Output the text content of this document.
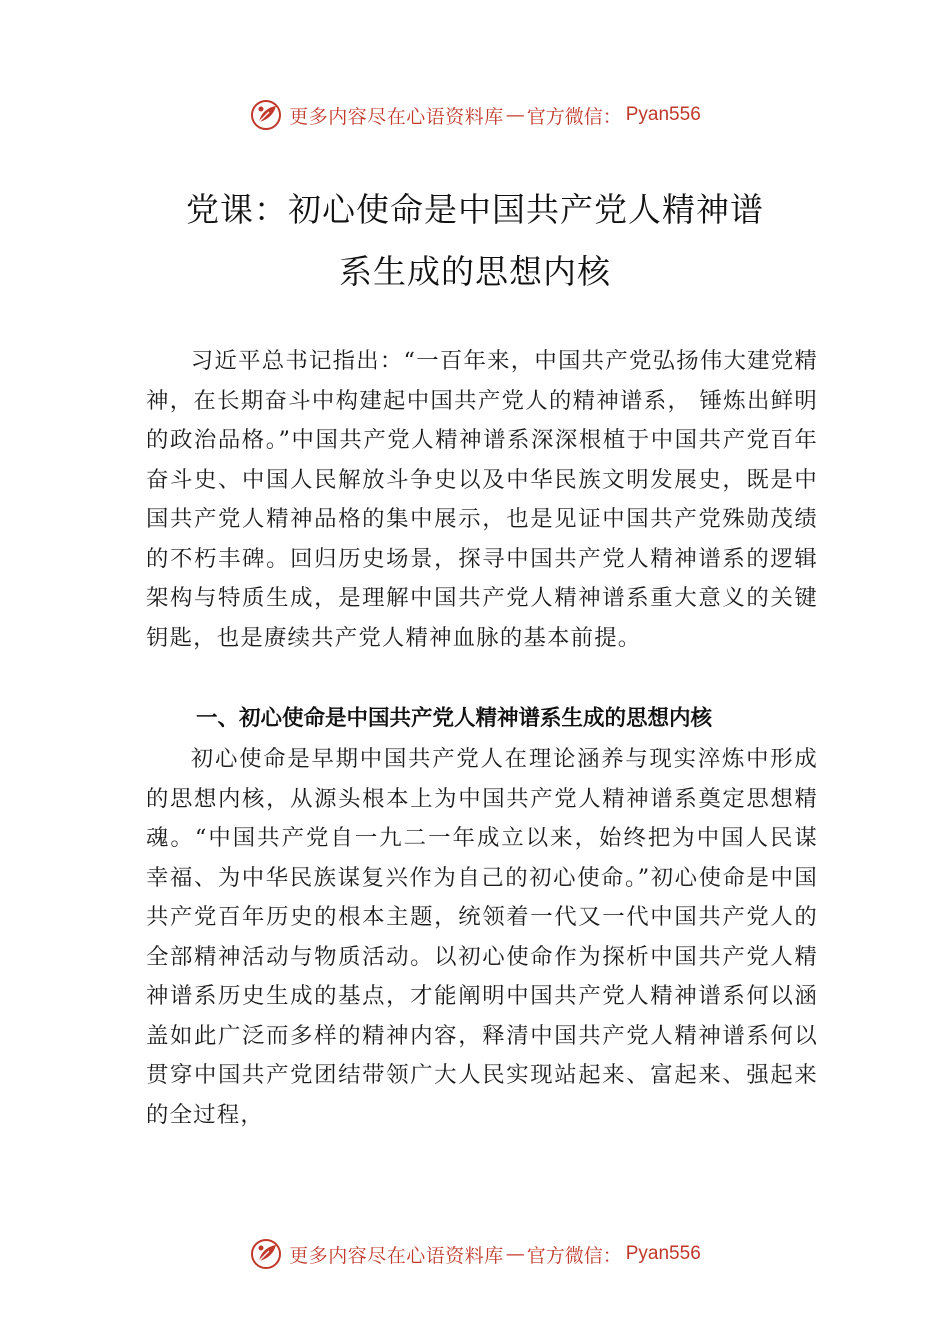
更多内容尽在心语资料库 — 官方微信： Pyan556
党课：初心使命是中国共产党人精神谱
系生成的思想内核
习近平总书记指出：“一百年来，中国共产党弘扬伟大建党精神，在长期奋斗中构建起中国共产党人的精神谱系， 锤炼出鲜明的政治品格。”中国共产党人精神谱系深深根植于中国共产党百年奋斗史、中国人民解放斗争史以及中华民族文明发展史，既是中国共产党人精神品格的集中展示，也是见证中国共产党殊勋茂绩的不朽丰碑。回归历史场景，探寻中国共产党人精神谱系的逻辑架构与特质生成，是理解中国共产党人精神谱系重大意义的关键钥匙，也是赓续共产党人精神血脉的基本前提。
一、初心使命是中国共产党人精神谱系生成的思想内核
初心使命是早期中国共产党人在理论涵养与现实淬炼中形成的思想内核，从源头根本上为中国共产党人精神谱系奠定思想精魂。“中国共产党自一九二一年成立以来，始终把为中国人民谋幸福、为中华民族谋复兴作为自己的初心使命。”初心使命是中国共产党百年历史的根本主题，统领着一代又一代中国共产党人的全部精神活动与物质活动。以初心使命作为探析中国共产党人精神谱系历史生成的基点，才能阐明中国共产党人精神谱系何以涵盖如此广泛而多样的精神内容，释清中国共产党人精神谱系何以贯穿中国共产党团结带领广大人民实现站起来、富起来、强起来的全过程，
更多内容尽在心语资料库 — 官方微信： Pyan556
